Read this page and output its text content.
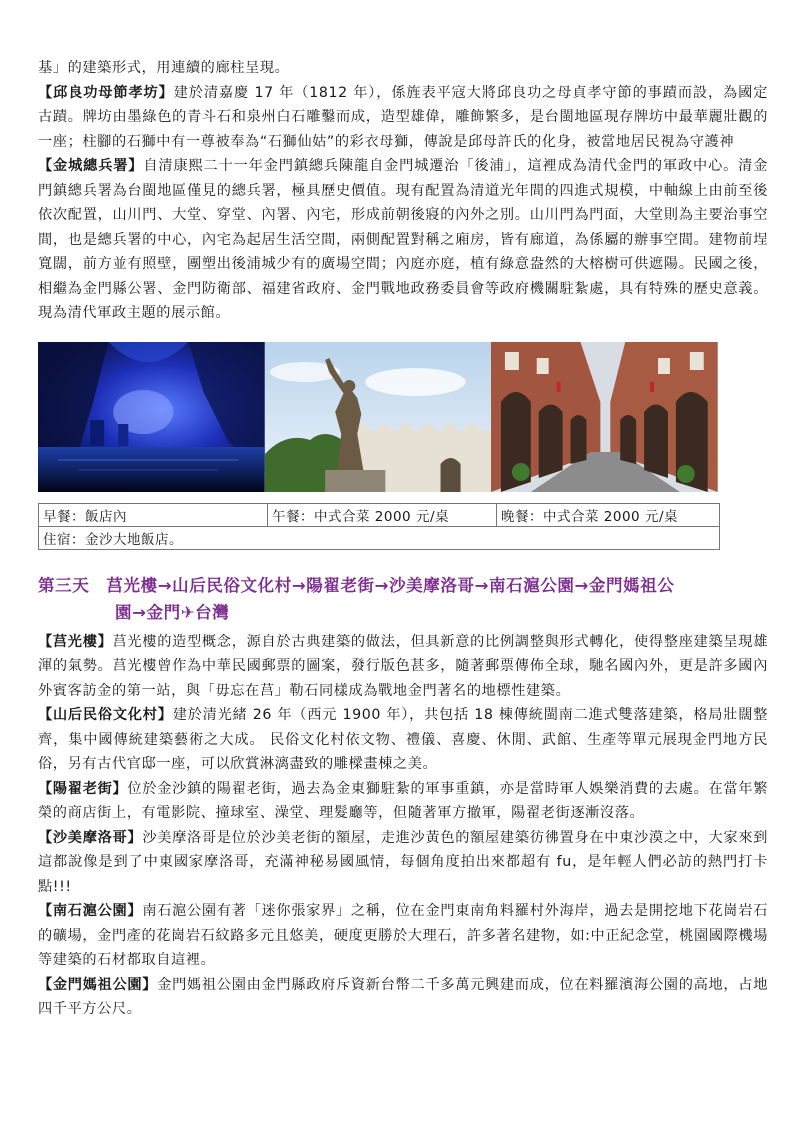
基」的建築形式，用連續的廊柱呈現。

【邱良功母節孝坊】建於清嘉慶 17 年（1812 年），係旌表平寇大將邱良功之母貞孝守節的事蹟而設，為國定古蹟。牌坊由墨綠色的青斗石和泉州白石雕鑿而成，造型雄偉，雕飾繁多，是台閩地區現存牌坊中最華麗壯觀的一座；柱腳的石獅中有一尊被奉為“石獅仙姑”的彩衣母獅，傳說是邱母許氏的化身，被當地居民視為守護神

【金城總兵署】自清康熙二十一年金門鎮總兵陳龍自金門城遷治「後浦」，這裡成為清代金門的軍政中心。清金門鎮總兵署為台閩地區僅見的總兵署，極具歷史價值。現有配置為清道光年間的四進式規模，中軸線上由前至後依次配置，山川門、大堂、穿堂、內署、內宅，形成前朝後寢的內外之別。山川門為門面，大堂則為主要治事空間，也是總兵署的中心，內宅為起居生活空間，兩側配置對稱之廂房，皆有廊道，為係屬的辦事空間。建物前埕寬闊，前方並有照壁，團塑出後浦城少有的廣場空間；內庭亦庭，植有綠意盎然的大榕樹可供遮陽。民國之後，相繼為金門縣公署、金門防衛部、福建省政府、金門戰地政務委員會等政府機關駐紮處，具有特殊的歷史意義。現為清代軍政主題的展示館。

早餐：飯店內	午餐：中式合菜 2000 元/桌	晚餐：中式合菜 2000 元/桌
住宿：金沙大地飯店。
第三天　莒光樓→山后民俗文化村→陽翟老街→沙美摩洛哥→南石滬公園→金門媽祖公
園→金門✈台灣

【莒光樓】莒光樓的造型概念，源自於古典建築的做法，但具新意的比例調整與形式轉化，使得整座建築呈現雄渾的氣勢。莒光樓曾作為中華民國郵票的圖案，發行版色甚多，隨著郵票傳佈全球，馳名國內外，更是許多國內外賓客訪金的第一站，與「毋忘在莒」勒石同樣成為戰地金門著名的地標性建築。

【山后民俗文化村】建於清光緒 26 年（西元 1900 年），共包括 18 棟傳統閩南二進式雙落建築，格局壯闊整齊，集中國傳統建築藝術之大成。 民俗文化村依文物、禮儀、喜慶、休閒、武館、生產等單元展現金門地方民俗，另有古代官邸一座，可以欣賞淋漓盡致的雕樑畫棟之美。

【陽翟老街】位於金沙鎮的陽翟老街，過去為金東獅駐紮的軍事重鎮，亦是當時軍人娛樂消費的去處。在當年繁榮的商店街上，有電影院、撞球室、澡堂、理髮廳等，但隨著軍方撤軍，陽翟老街逐漸沒落。

【沙美摩洛哥】沙美摩洛哥是位於沙美老街的額屋，走進沙黃色的額屋建築彷彿置身在中東沙漠之中，大家來到這都說像是到了中東國家摩洛哥，充滿神秘易國風情，每個角度拍出來都超有 fu，是年輕人們必訪的熱門打卡點!!!

【南石滬公園】南石滬公園有著「迷你張家界」之稱，位在金門東南角料羅村外海岸，過去是開挖地下花崗岩石的礦場，金門產的花崗岩石紋路多元且悠美，硬度更勝於大理石，許多著名建物，如:中正紀念堂，桃園國際機場等建築的石材都取自這裡。

【金門媽祖公園】金門媽祖公園由金門縣政府斥資新台幣二千多萬元興建而成，位在料羅濱海公園的高地，占地四千平方公尺。
